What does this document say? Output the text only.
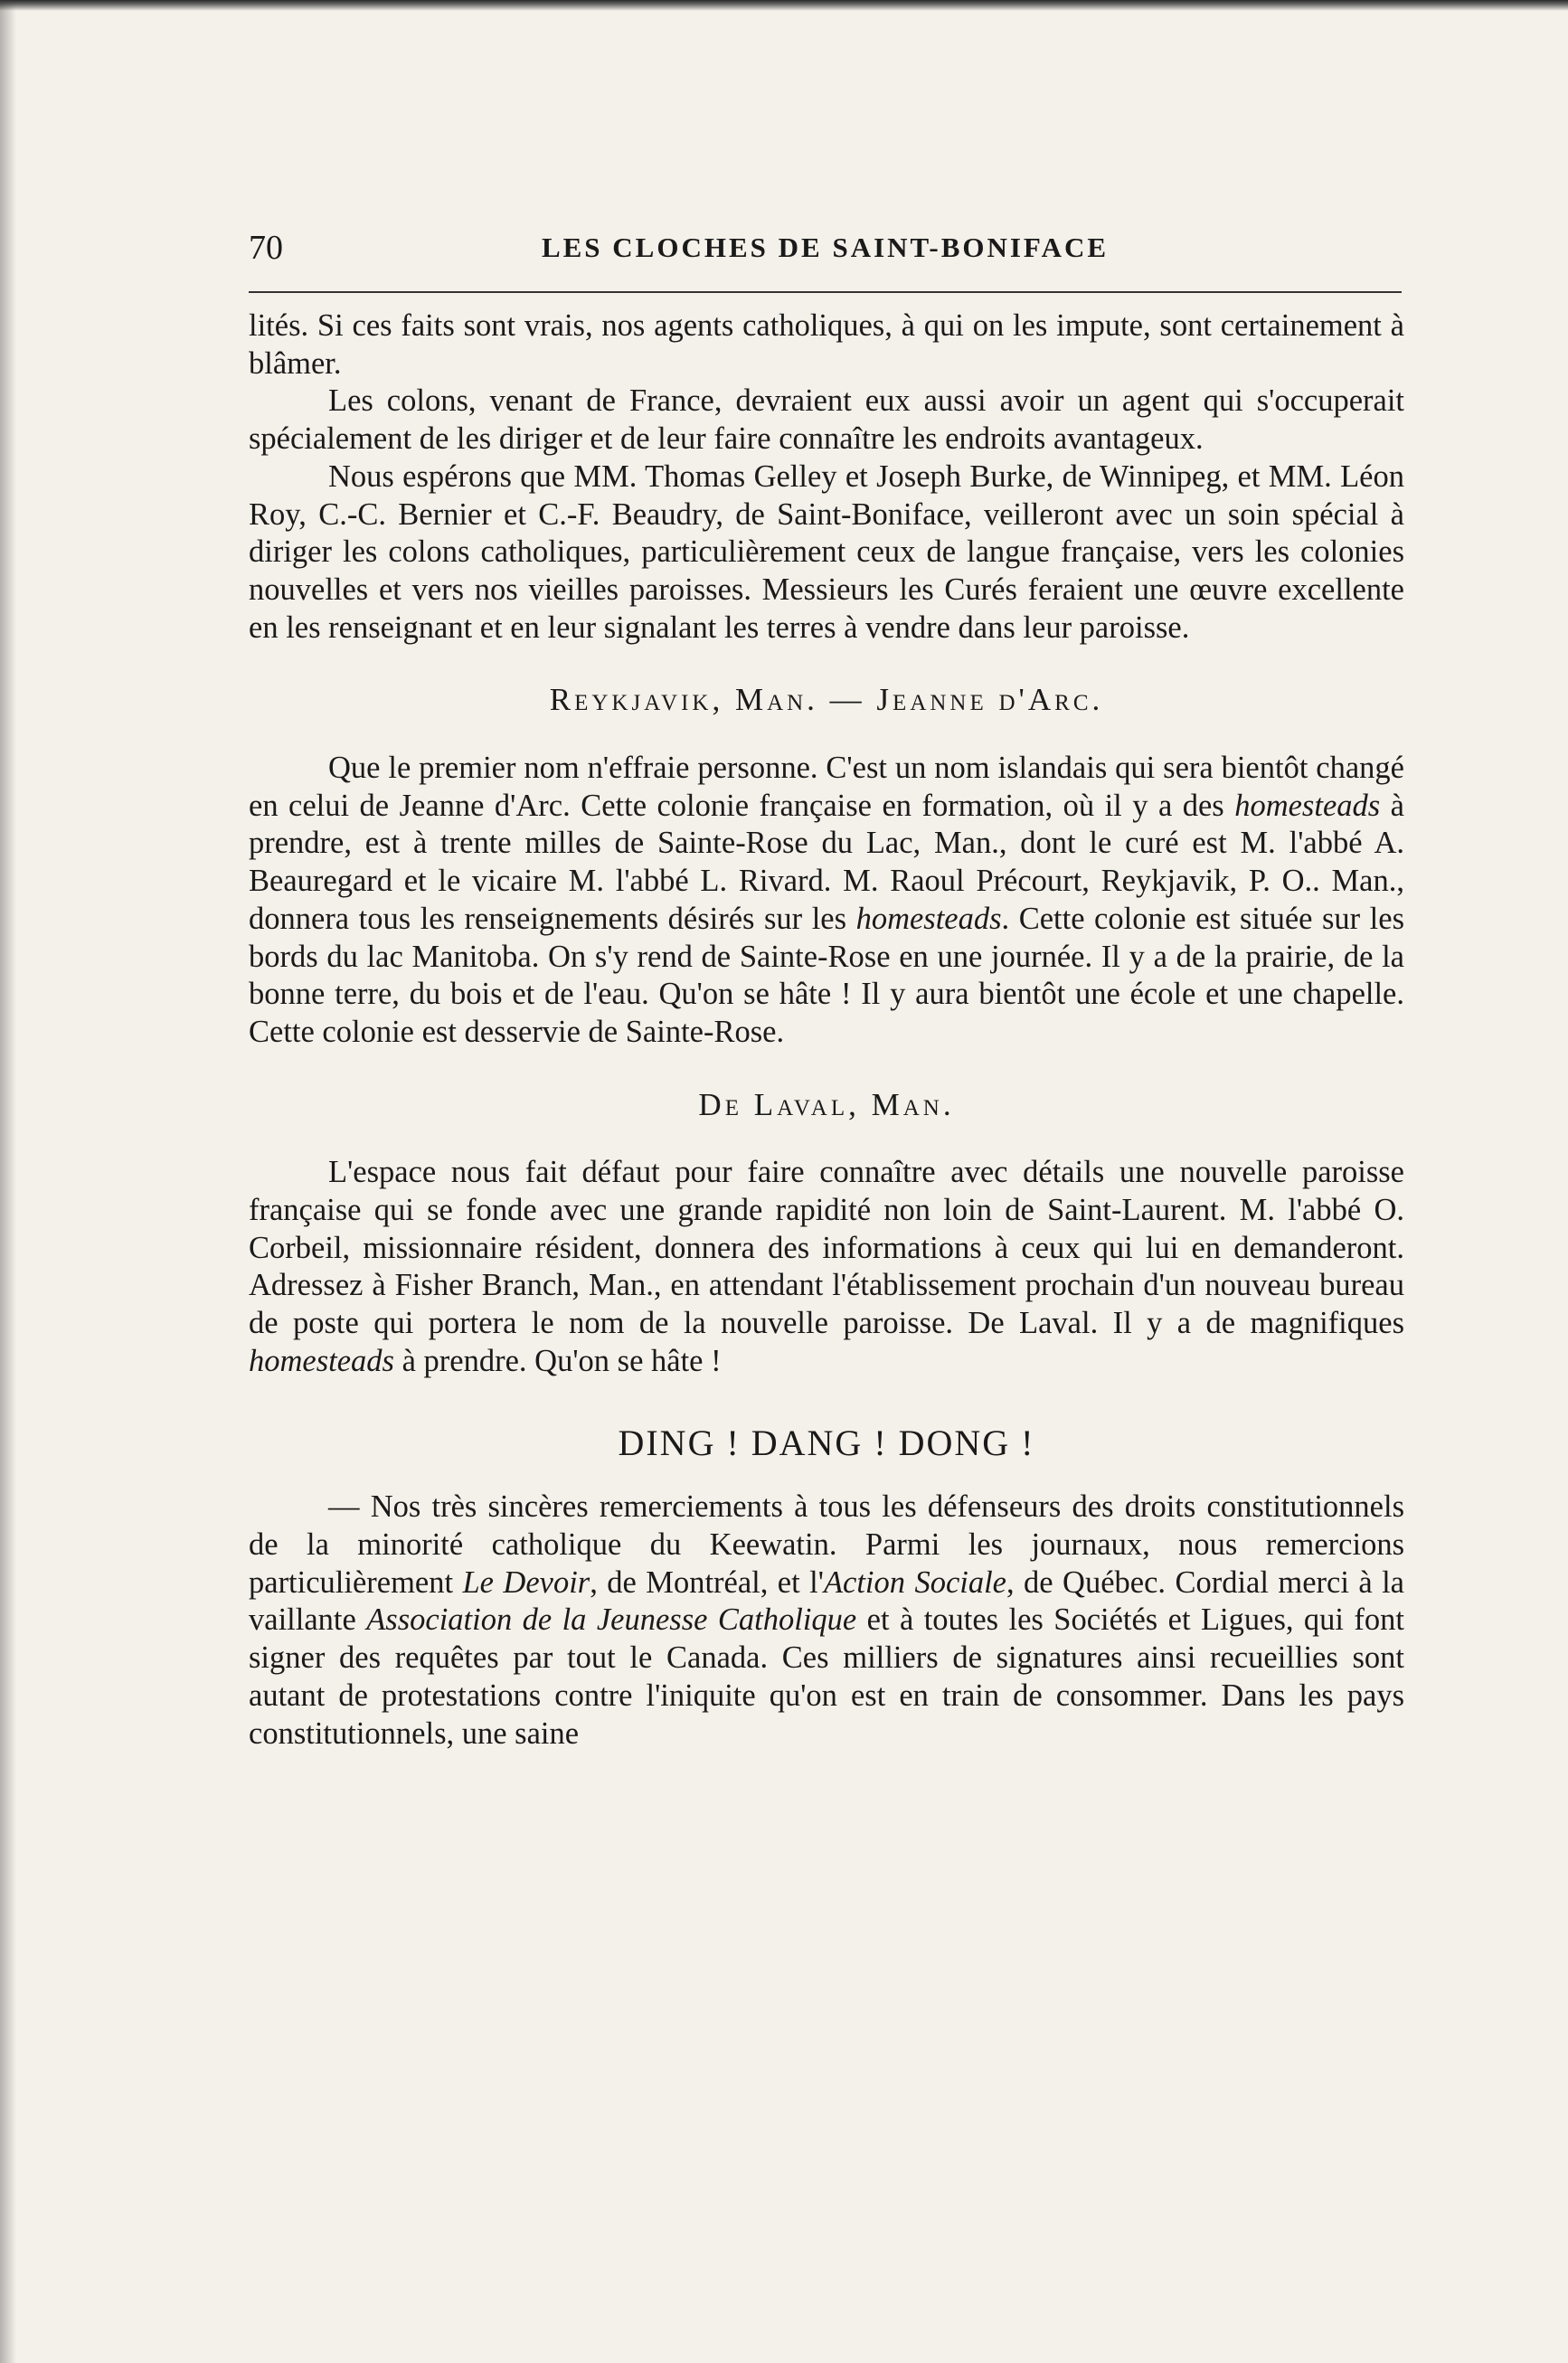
70	LES CLOCHES DE SAINT-BONIFACE

lités. Si ces faits sont vrais, nos agents catholiques, à qui on les impute, sont certainement à blâmer.

Les colons, venant de France, devraient eux aussi avoir un agent qui s'occuperait spécialement de les diriger et de leur faire connaître les endroits avantageux.

Nous espérons que MM. Thomas Gelley et Joseph Burke, de Winnipeg, et MM. Léon Roy, C.-C. Bernier et C.-F. Beaudry, de Saint-Boniface, veilleront avec un soin spécial à diriger les colons catholiques, particulièrement ceux de langue française, vers les colonies nouvelles et vers nos vieilles paroisses. Messieurs les Curés feraient une œuvre excellente en les renseignant et en leur signalant les terres à vendre dans leur paroisse.

Reykjavik, Man. — Jeanne d'Arc.

Que le premier nom n'effraie personne. C'est un nom islandais qui sera bientôt changé en celui de Jeanne d'Arc. Cette colonie française en formation, où il y a des homesteads à prendre, est à trente milles de Sainte-Rose du Lac, Man., dont le curé est M. l'abbé A. Beauregard et le vicaire M. l'abbé L. Rivard. M. Raoul Précourt, Reykjavik, P. O.. Man., donnera tous les renseignements désirés sur les homesteads. Cette colonie est située sur les bords du lac Manitoba. On s'y rend de Sainte-Rose en une journée. Il y a de la prairie, de la bonne terre, du bois et de l'eau. Qu'on se hâte ! Il y aura bientôt une école et une chapelle. Cette colonie est desservie de Sainte-Rose.

De Laval, Man.

L'espace nous fait défaut pour faire connaître avec détails une nouvelle paroisse française qui se fonde avec une grande rapidité non loin de Saint-Laurent. M. l'abbé O. Corbeil, missionnaire résident, donnera des informations à ceux qui lui en demanderont. Adressez à Fisher Branch, Man., en attendant l'établissement prochain d'un nouveau bureau de poste qui portera le nom de la nouvelle paroisse. De Laval. Il y a de magnifiques homesteads à prendre. Qu'on se hâte !

DING ! DANG ! DONG !

— Nos très sincères remerciements à tous les défenseurs des droits constitutionnels de la minorité catholique du Keewatin. Parmi les journaux, nous remercions particulièrement Le Devoir, de Montréal, et l'Action Sociale, de Québec. Cordial merci à la vaillante Association de la Jeunesse Catholique et à toutes les Sociétés et Ligues, qui font signer des requêtes par tout le Canada. Ces milliers de signatures ainsi recueillies sont autant de protestations contre l'iniquite qu'on est en train de consommer. Dans les pays constitutionnels, une saine
